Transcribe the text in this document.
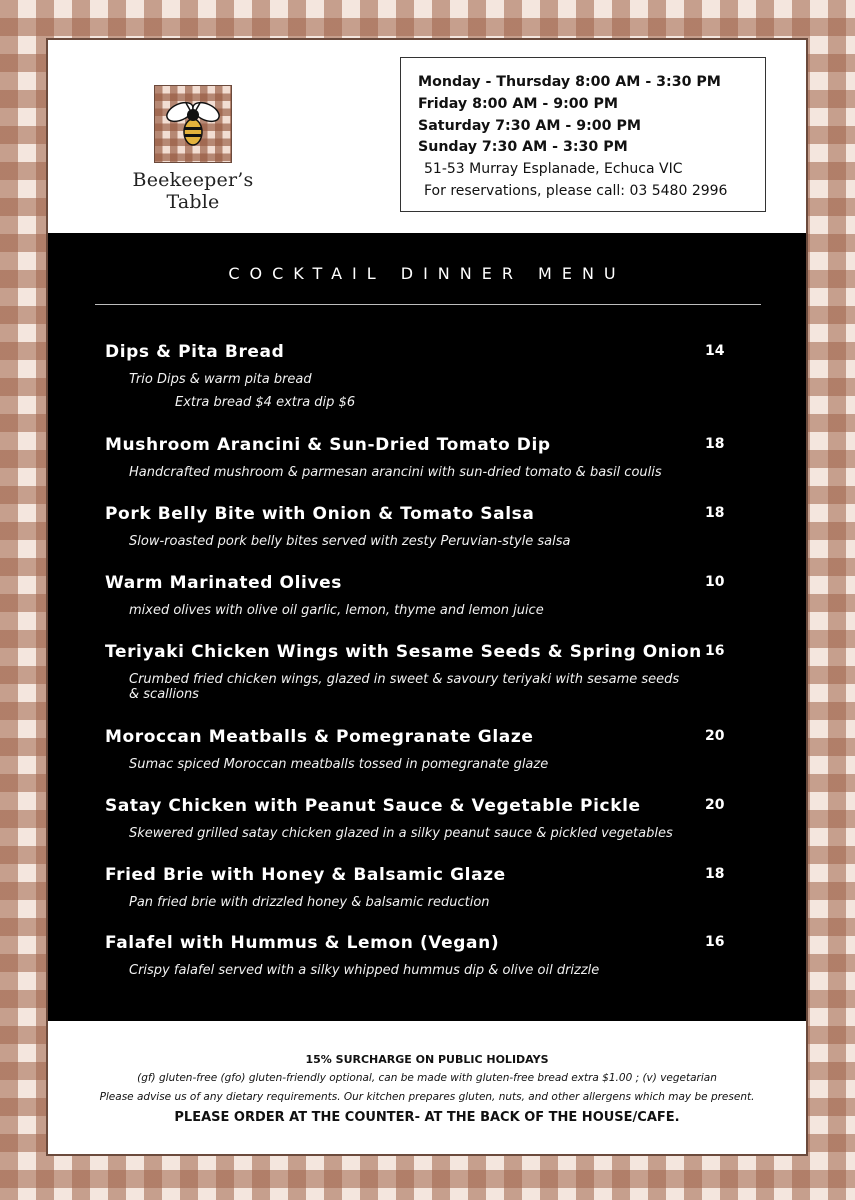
Beekeeper’s Table
Monday - Thursday 8:00 AM - 3:30 PM
Friday 8:00 AM - 9:00 PM
Saturday 7:30 AM - 9:00 PM
Sunday 7:30 AM - 3:30 PM
51-53 Murray Esplanade, Echuca VIC
For reservations, please call: 03 5480 2996
COCKTAIL DINNER MENU
Dips & Pita Bread	14
Trio Dips & warm pita bread
Extra bread $4 extra dip $6
Mushroom Arancini & Sun-Dried Tomato Dip	18
Handcrafted mushroom & parmesan arancini with sun-dried tomato & basil coulis
Pork Belly Bite with Onion & Tomato Salsa	18
Slow-roasted pork belly bites served with zesty Peruvian-style salsa
Warm Marinated Olives	10
mixed olives with olive oil garlic, lemon, thyme and lemon juice
Teriyaki Chicken Wings with Sesame Seeds & Spring Onion 16
Crumbed fried chicken wings, glazed in sweet & savoury teriyaki with sesame seeds & scallions
Moroccan Meatballs & Pomegranate Glaze	20
Sumac spiced Moroccan meatballs tossed in pomegranate glaze
Satay Chicken with Peanut Sauce & Vegetable Pickle	20
Skewered grilled satay chicken glazed in a silky peanut sauce & pickled vegetables
Fried Brie with Honey & Balsamic Glaze	18
Pan fried brie with drizzled honey & balsamic reduction
Falafel with Hummus & Lemon (Vegan)	16
Crispy falafel served with a silky whipped hummus dip & olive oil drizzle
15% SURCHARGE ON PUBLIC HOLIDAYS
(gf) gluten-free (gfo) gluten-friendly optional, can be made with gluten-free bread extra $1.00 ; (v) vegetarian
Please advise us of any dietary requirements. Our kitchen prepares gluten, nuts, and other allergens which may be present.
PLEASE ORDER AT THE COUNTER- AT THE BACK OF THE HOUSE/CAFE.
